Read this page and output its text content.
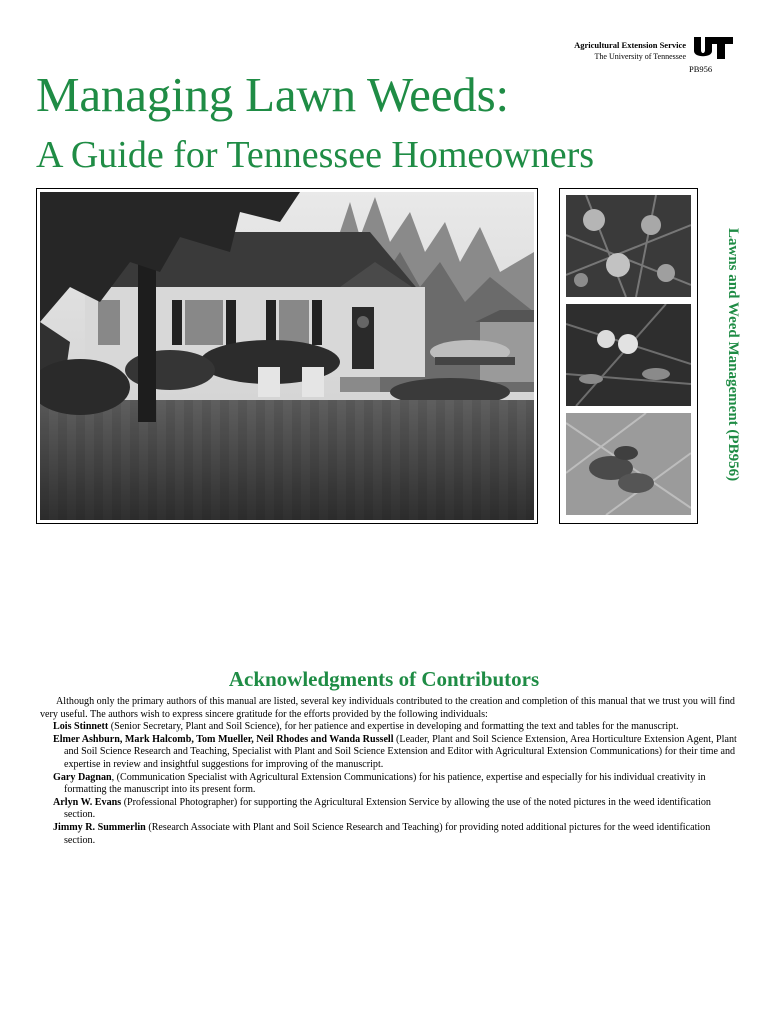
Agricultural Extension Service
The University of Tennessee
PB956
Managing Lawn Weeds:
A Guide for Tennessee Homeowners
Lawns and Weed Management (PB956)
Acknowledgments of Contributors

Although only the primary authors of this manual are listed, several key individuals contributed to the creation and completion of this manual that we trust you will find very useful. The authors wish to express sincere gratitude for the efforts provided by the following individuals:

Lois Stinnett (Senior Secretary, Plant and Soil Science), for her patience and expertise in developing and formatting the text and tables for the manuscript.

Elmer Ashburn, Mark Halcomb, Tom Mueller, Neil Rhodes and Wanda Russell (Leader, Plant and Soil Science Extension, Area Horticulture Extension Agent, Plant and Soil Science Research and Teaching, Specialist with Plant and Soil Science Extension and Editor with Agricultural Extension Communications) for their time and expertise in review and insightful suggestions for improving of the manuscript.

Gary Dagnan, (Communication Specialist with Agricultural Extension Communications) for his patience, expertise and especially for his individual creativity in formatting the manuscript into its present form.

Arlyn W. Evans (Professional Photographer) for supporting the Agricultural Extension Service by allowing the use of the noted pictures in the weed identification section.

Jimmy R. Summerlin (Research Associate with Plant and Soil Science Research and Teaching) for providing noted additional pictures for the weed identification section.
